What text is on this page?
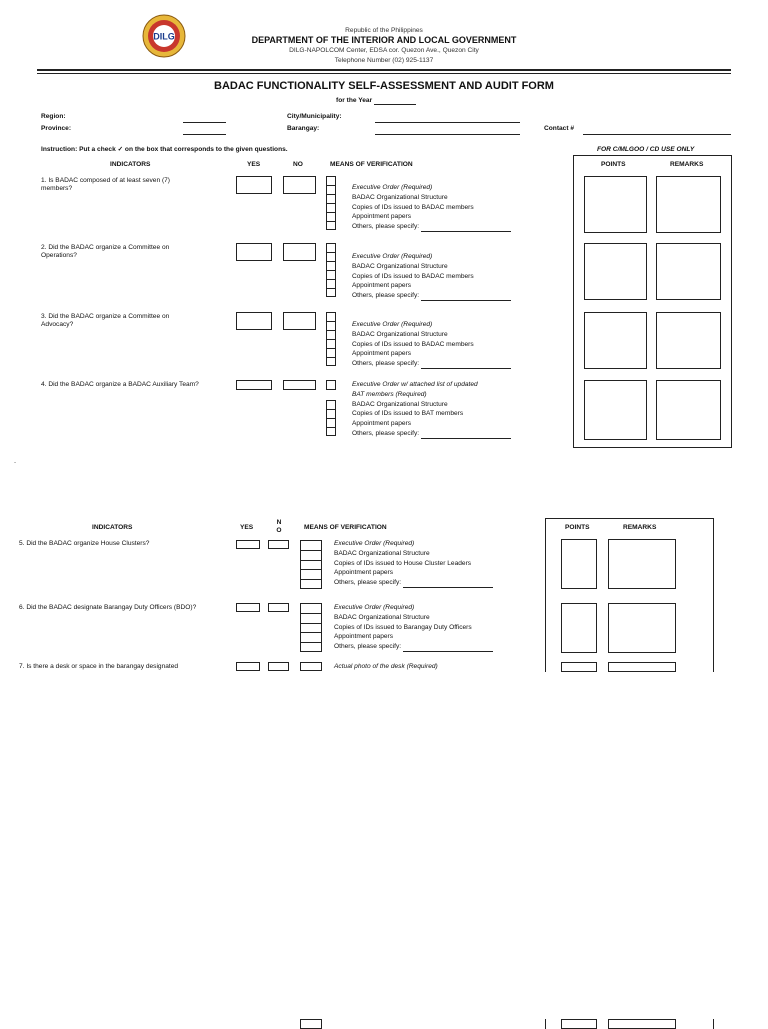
DILG
Republic of the Philippines
DEPARTMENT OF THE INTERIOR AND LOCAL GOVERNMENT
DILG-NAPOLCOM Center, EDSA cor. Quezon Ave., Quezon City
Telephone Number (02) 925-1137
BADAC FUNCTIONALITY SELF-ASSESSMENT AND AUDIT FORM
for the Year
Region:
Province:
City/Municipality:
Barangay:	Contact #
Instruction: Put a check ✓ on the box that corresponds to the given questions.	FOR C/MLGOO / CD USE ONLY
INDICATORS	YES	NO	MEANS OF VERIFICATION	POINTS	REMARKS
1. Is BADAC composed of at least seven (7) members?	Executive Order (Required)
BADAC Organizational Structure
Copies of IDs issued to BADAC members
Appointment papers
Others, please specify:
2. Did the BADAC organize a Committee on Operations?	Executive Order (Required)
BADAC Organizational Structure
Copies of IDs issued to BADAC members
Appointment papers
Others, please specify:
3. Did the BADAC organize a Committee on Advocacy?	Executive Order (Required)
BADAC Organizational Structure
Copies of IDs issued to BADAC members
Appointment papers
Others, please specify:
4. Did the BADAC organize a BADAC Auxiliary Team?	Executive Order w/ attached list of updated
BAT members (Required)
BADAC Organizational Structure
Copies of IDs issued to BAT members
Appointment papers
Others, please specify:
`
INDICATORS	YES
N
O	MEANS OF VERIFICATION	POINTS	REMARKS
5. Did the BADAC organize House Clusters?	Executive Order (Required)
BADAC Organizational Structure
Copies of IDs issued to House Cluster Leaders
Appointment papers
Others, please specify:
6. Did the BADAC designate Barangay Duty Officers (BDO)?	Executive Order (Required)
BADAC Organizational Structure
Copies of IDs issued to Barangay Duty Officers
Appointment papers
Others, please specify:
7. Is there a desk or space in the barangay designated	Actual photo of the desk (Required)
